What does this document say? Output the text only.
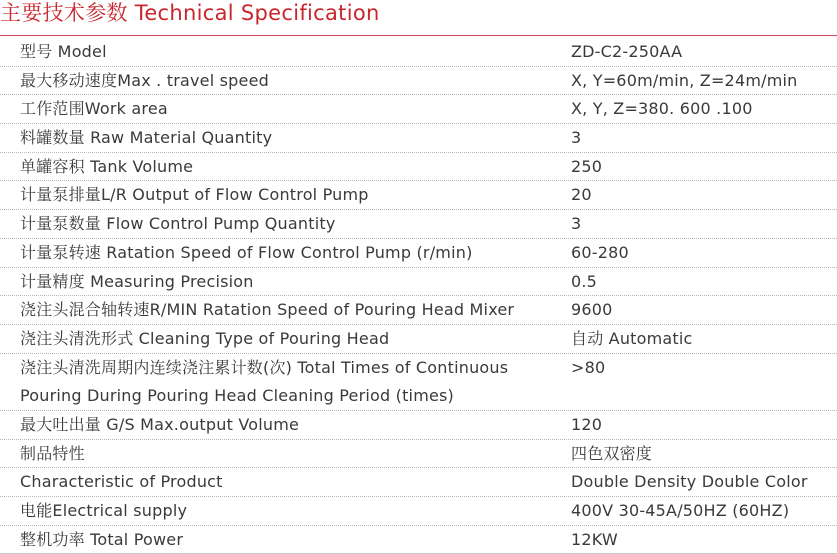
主要技术参数 Technical Specification
型号 Model	ZD-C2-250AA
最大移动速度Max . travel speed	X, Y=60m/min, Z=24m/min
工作范围Work area	X, Y, Z=380. 600 .100
料罐数量 Raw Material Quantity	3
单罐容积 Tank Volume	250
计量泵排量L/R Output of Flow Control Pump	20
计量泵数量 Flow Control Pump Quantity	3
计量泵转速 Ratation Speed of Flow Control Pump (r/min)	60-280
计量精度 Measuring Precision	0.5
浇注头混合轴转速R/MIN Ratation Speed of Pouring Head Mixer	9600
浇注头清洗形式 Cleaning Type of Pouring Head	自动 Automatic
浇注头清洗周期内连续浇注累计数(次) Total Times of Continuous	>80
Pouring During Pouring Head Cleaning Period (times)
最大吐出量 G/S Max.output Volume	120
制品特性	四色双密度
Characteristic of Product	Double Density Double Color
电能Electrical supply	400V 30-45A/50HZ (60HZ)
整机功率 Total Power	12KW
